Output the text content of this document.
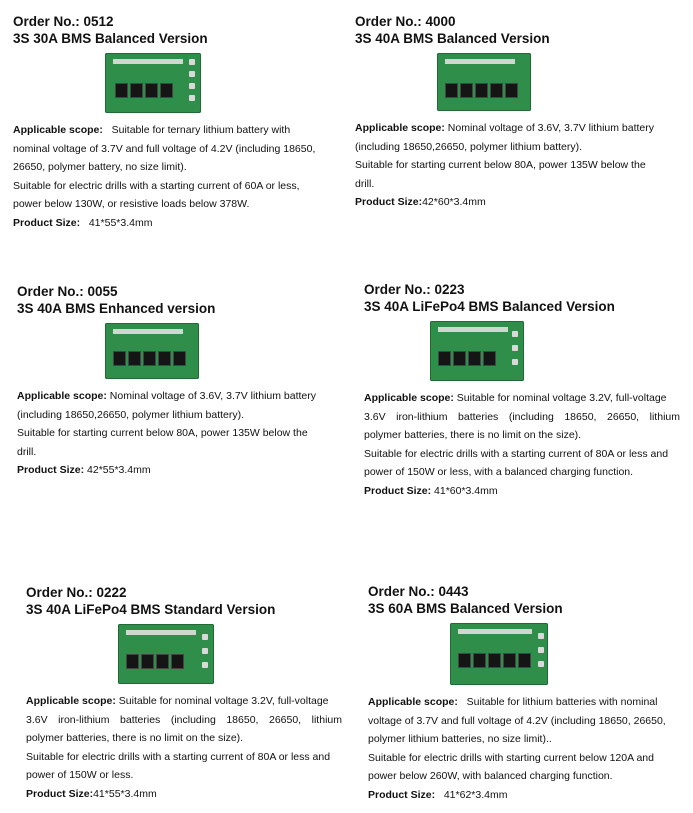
Order No.: 0512
3S 30A BMS Balanced Version
Applicable scope:   Suitable for ternary lithium battery with
nominal voltage of 3.7V and full voltage of 4.2V (including 18650,
26650, polymer battery, no size limit).
Suitable for electric drills with a starting current of 60A or less,
power below 130W, or resistive loads below 378W.
Product Size:   41*55*3.4mm
Order No.: 4000
3S 40A BMS Balanced Version
Applicable scope: Nominal voltage of 3.6V, 3.7V lithium battery
(including 18650,26650, polymer lithium battery).
Suitable for starting current below 80A, power 135W below the
drill.
Product Size:42*60*3.4mm
Order No.: 0055
3S 40A BMS Enhanced version
Applicable scope: Nominal voltage of 3.6V, 3.7V lithium battery
(including 18650,26650, polymer lithium battery).
Suitable for starting current below 80A, power 135W below the
drill.
Product Size: 42*55*3.4mm
Order No.: 0223
3S 40A LiFePo4 BMS Balanced Version
Applicable scope: Suitable for nominal voltage 3.2V, full-voltage
3.6V iron-lithium batteries (including 18650, 26650, lithium
polymer batteries, there is no limit on the size).
Suitable for electric drills with a starting current of 80A or less and
power of 150W or less, with a balanced charging function.
Product Size: 41*60*3.4mm
Order No.: 0222
3S 40A LiFePo4 BMS Standard Version
Applicable scope: Suitable for nominal voltage 3.2V, full-voltage
3.6V iron-lithium batteries (including 18650, 26650, lithium
polymer batteries, there is no limit on the size).
Suitable for electric drills with a starting current of 80A or less and
power of 150W or less.
Product Size:41*55*3.4mm
Order No.: 0443
3S 60A BMS Balanced Version
Applicable scope:   Suitable for lithium batteries with nominal
voltage of 3.7V and full voltage of 4.2V (including 18650, 26650,
polymer lithium batteries, no size limit)..
Suitable for electric drills with starting current below 120A and
power below 260W, with balanced charging function.
Product Size:   41*62*3.4mm
